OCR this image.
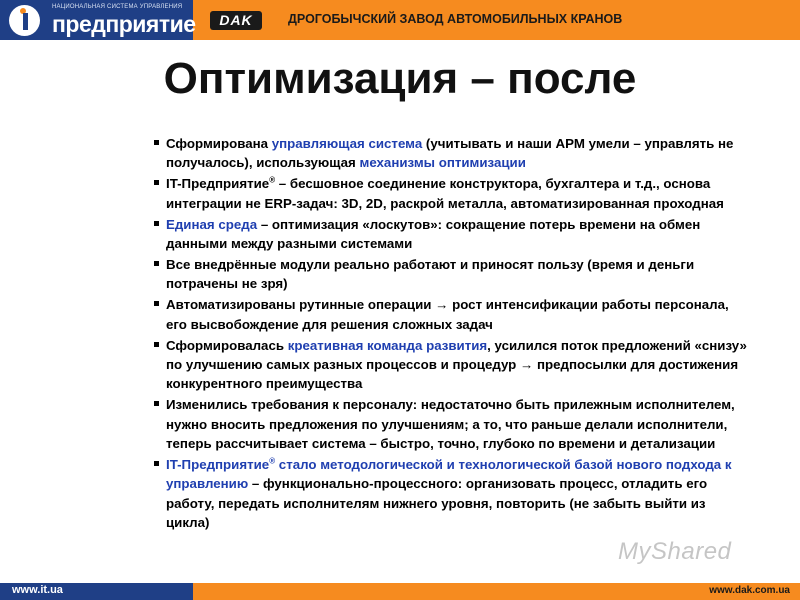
НАЦИОНАЛЬНАЯ СИСТЕМА УПРАВЛЕНИЯ
предприятие	DAK	ДРОГОБЫЧСКИЙ ЗАВОД АВТОМОБИЛЬНЫХ КРАНОВ
Оптимизация – после
Сформирована управляющая система (учитывать и наши АРМ умели – управлять не получалось), использующая механизмы оптимизации
IT-Предприятие® – бесшовное соединение конструктора, бухгалтера и т.д., основа интеграции не ERP-задач: 3D, 2D, раскрой металла, автоматизированная проходная
Единая среда – оптимизация «лоскутов»: сокращение потерь времени на обмен данными между разными системами
Все внедрённые модули реально работают и приносят пользу (время и деньги потрачены не зря)
Автоматизированы рутинные операции → рост интенсификации работы персонала, его высвобождение для решения сложных задач
Сформировалась креативная команда развития, усилился поток предложений «снизу» по улучшению самых разных процессов и процедур → предпосылки для достижения конкурентного преимущества
Изменились требования к персоналу: недостаточно быть прилежным исполнителем, нужно вносить предложения по улучшениям; а то, что раньше делали исполнители, теперь рассчитывает система – быстро, точно, глубоко по времени и детализации
IT-Предприятие® стало методологической и технологической базой нового подхода к управлению – функционально-процессного: организовать процесс, отладить его работу, передать исполнителям нижнего уровня, повторить (не забыть выйти из цикла)
MyShared
www.it.ua	www.dak.com.ua
